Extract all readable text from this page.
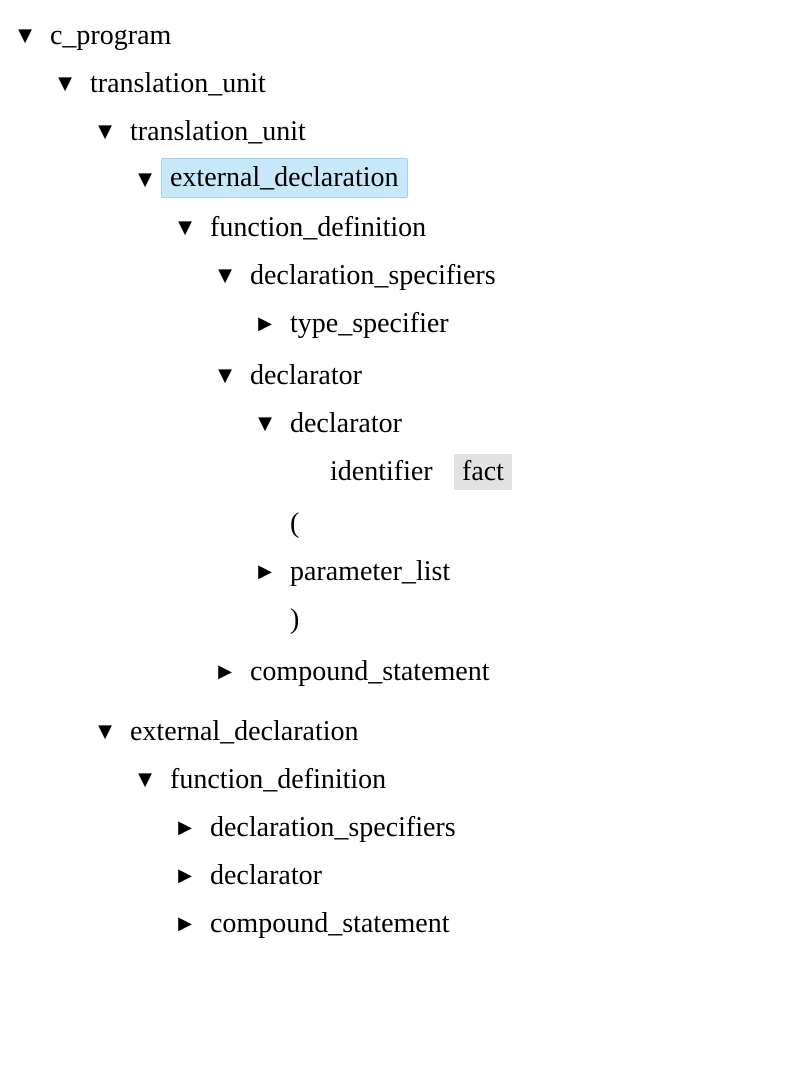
▼ c_program
▼ translation_unit
▼ translation_unit
▼ external_declaration
▼ function_definition
▼ declaration_specifiers
▶ type_specifier
▼ declarator
▼ declarator
identifier fact
(
▶ parameter_list
)
▶ compound_statement
▼ external_declaration
▼ function_definition
▶ declaration_specifiers
▶ declarator
▶ compound_statement
